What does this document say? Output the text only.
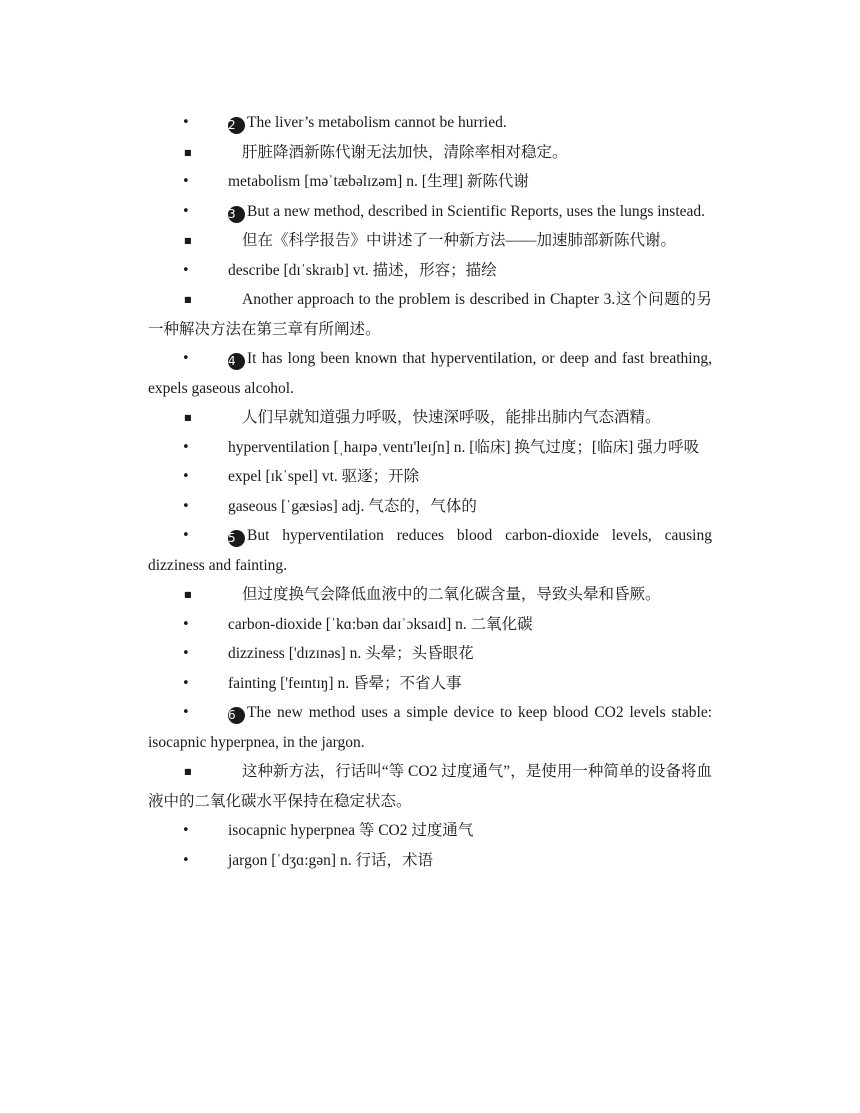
•	2 The liver’s metabolism cannot be hurried.
■	肝脏降酒新陈代谢无法加快，清除率相对稳定。
• metabolism [məˈtæbəlɪzəm] n. [生理] 新陈代谢
•	3 But a new method, described in Scientific Reports, uses the lungs instead.
■	但在《科学报告》中讲述了一种新方法——加速肺部新陈代谢。
• describe [dɪˈskraɪb] vt. 描述，形容；描绘
■	Another approach to the problem is described in Chapter 3.这个问题的另一种解决方法在第三章有所阐述。
•	4 It has long been known that hyperventilation, or deep and fast breathing, expels gaseous alcohol.
■	人们早就知道强力呼吸，快速深呼吸，能排出肺内气态酒精。
• hyperventilation [ˌhaɪpəˌventɪ'leɪʃn] n. [临床] 换气过度；[临床] 强力呼吸
• expel [ɪkˈspel] vt. 驱逐；开除
• gaseous [ˈgæsiəs] adj. 气态的，气体的
•	5 But hyperventilation reduces blood carbon-dioxide levels, causing dizziness and fainting.
■	但过度换气会降低血液中的二氧化碳含量，导致头晕和昏厥。
• carbon-dioxide [ˈkɑ:bən daɪˈɔksaɪd] n. 二氧化碳
• dizziness ['dɪzɪnəs] n. 头晕；头昏眼花
• fainting ['feɪntɪŋ] n. 昏晕；不省人事
•	6 The new method uses a simple device to keep blood CO2 levels stable: isocapnic hyperpnea, in the jargon.
■	这种新方法，行话叫“等 CO2 过度通气”，是使用一种简单的设备将血液中的二氧化碳水平保持在稳定状态。
• isocapnic hyperpnea 等 CO2 过度通气
• jargon [ˈdʒɑ:gən] n. 行话，术语
